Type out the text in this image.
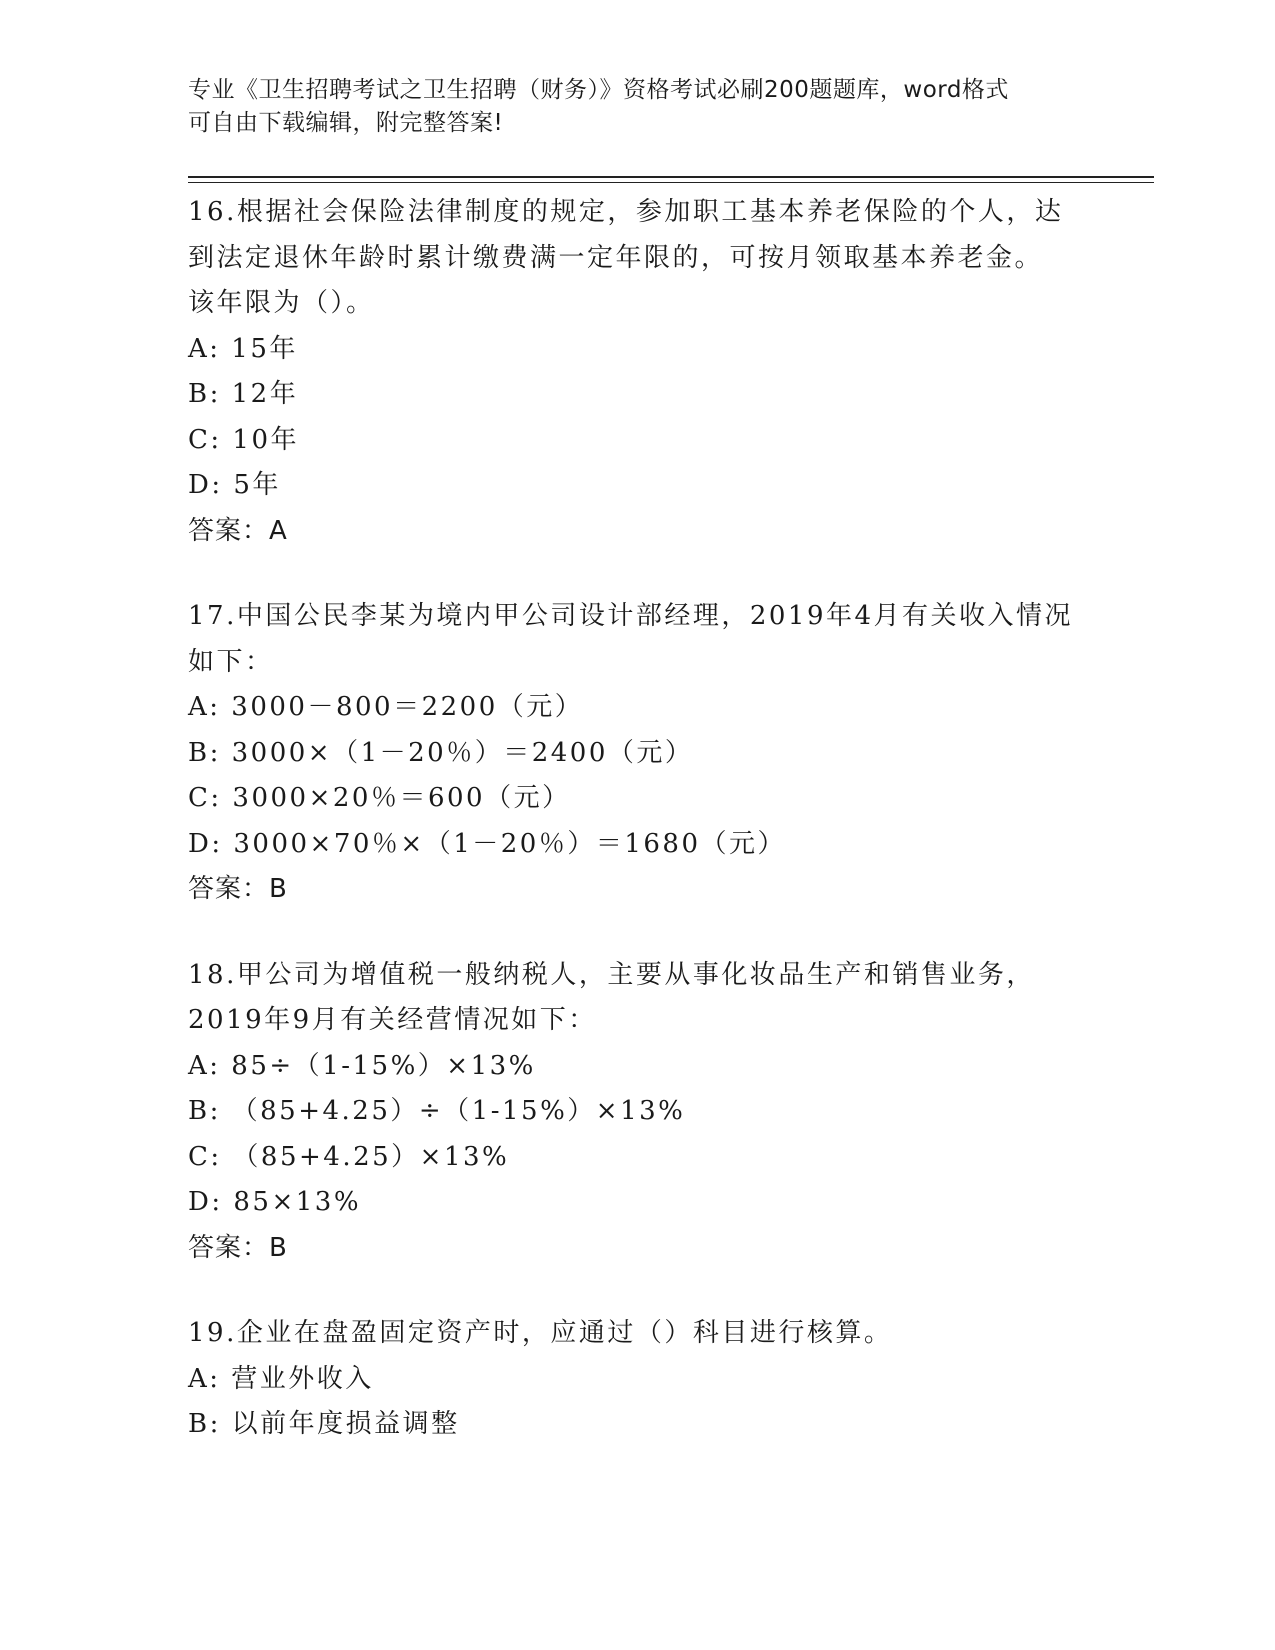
专业《卫生招聘考试之卫生招聘（财务）》资格考试必刷200题题库，word格式
可自由下载编辑，附完整答案!
16.根据社会保险法律制度的规定，参加职工基本养老保险的个人，达
到法定退休年龄时累计缴费满一定年限的，可按月领取基本养老金。
该年限为（）。
A: 15年
B: 12年
C: 10年
D: 5年
答案：A
17.中国公民李某为境内甲公司设计部经理，2019年4月有关收入情况
如下：
A: 3000－800＝2200（元）
B: 3000×（1－20％）＝2400（元）
C: 3000×20％＝600（元）
D: 3000×70％×（1－20％）＝1680（元）
答案：B
18.甲公司为增值税一般纳税人，主要从事化妆品生产和销售业务，
2019年9月有关经营情况如下：
A: 85÷（1-15%）×13%
B: （85+4.25）÷（1-15%）×13%
C: （85+4.25）×13%
D: 85×13%
答案：B
19.企业在盘盈固定资产时，应通过（）科目进行核算。
A: 营业外收入
B: 以前年度损益调整
